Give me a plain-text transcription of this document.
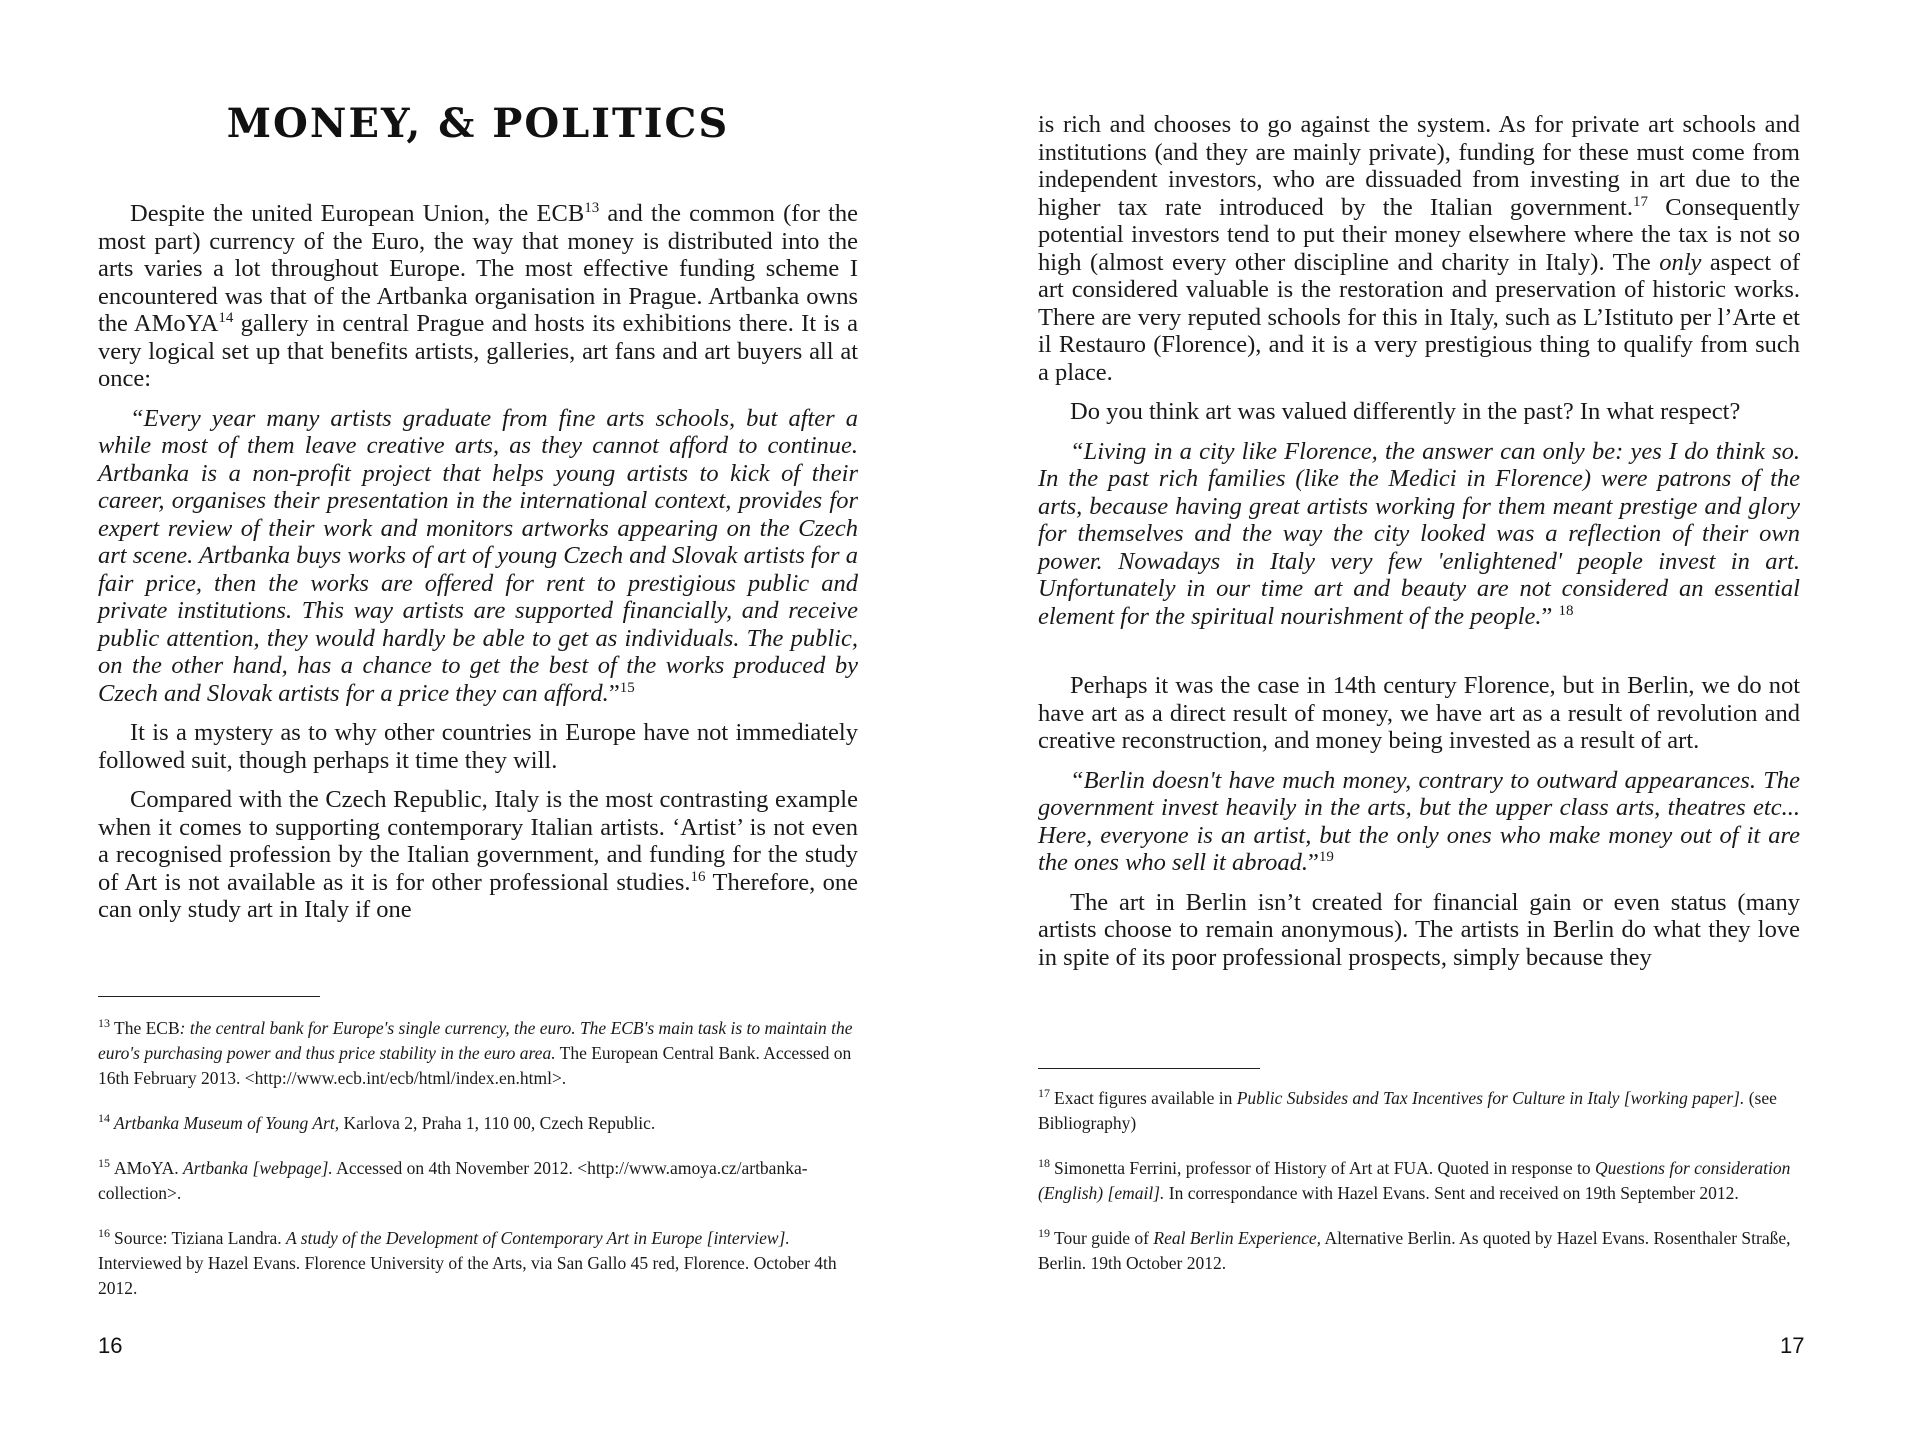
MONEY, & POLITICS

Despite the united European Union, the ECB$^{13}$ and the common (for the most part) currency of the Euro, the way that money is distributed into the arts varies a lot throughout Europe. The most effective funding scheme I encountered was that of the Artbanka organisation in Prague. Artbanka owns the AMoYA$^{14}$ gallery in central Prague and hosts its exhibitions there. It is a very logical set up that benefits artists, galleries, art fans and art buyers all at once:

“Every year many artists graduate from fine arts schools, but after a while most of them leave creative arts, as they cannot afford to continue. Artbanka is a non-profit project that helps young artists to kick of their career, organises their presentation in the international context, provides for expert review of their work and monitors artworks appearing on the Czech art scene. Artbanka buys works of art of young Czech and Slovak artists for a fair price, then the works are offered for rent to prestigious public and private institutions. This way artists are supported financially, and receive public attention, they would hardly be able to get as individuals. The public, on the other hand, has a chance to get the best of the works produced by Czech and Slovak artists for a price they can afford.”$^{15}$

It is a mystery as to why other countries in Europe have not immediately followed suit, though perhaps it time they will.

Compared with the Czech Republic, Italy is the most contrasting example when it comes to supporting contemporary Italian artists. ‘Artist’ is not even a recognised profession by the Italian government, and funding for the study of Art is not available as it is for other professional studies.$^{16}$ Therefore, one can only study art in Italy if one

$^{13}$ The ECB: the central bank for Europe's single currency, the euro. The ECB's main task is to maintain the euro's purchasing power and thus price stability in the euro area. The European Central Bank. Accessed on 16th February 2013. <http://www.ecb.int/ecb/html/index.en.html>.

$^{14}$ Artbanka Museum of Young Art, Karlova 2, Praha 1, 110 00, Czech Republic.

$^{15}$ AMoYA. Artbanka [webpage]. Accessed on 4th November 2012. <http://www.amoya.cz/artbanka-collection>.

$^{16}$ Source: Tiziana Landra. A study of the Development of Contemporary Art in Europe [interview]. Interviewed by Hazel Evans. Florence University of the Arts, via San Gallo 45 red, Florence. October 4th 2012.

16

is rich and chooses to go against the system. As for private art schools and institutions (and they are mainly private), funding for these must come from independent investors, who are dissuaded from investing in art due to the higher tax rate introduced by the Italian government.$^{17}$ Consequently potential investors tend to put their money elsewhere where the tax is not so high (almost every other discipline and charity in Italy). The only aspect of art considered valuable is the restoration and preservation of historic works. There are very reputed schools for this in Italy, such as L’Istituto per l’Arte et il Restauro (Florence), and it is a very prestigious thing to qualify from such a place.

Do you think art was valued differently in the past? In what respect?

“Living in a city like Florence, the answer can only be: yes I do think so. In the past rich families (like the Medici in Florence) were patrons of the arts, because having great artists working for them meant prestige and glory for themselves and the way the city looked was a reflection of their own power. Nowadays in Italy very few 'enlightened' people invest in art. Unfortunately in our time art and beauty are not considered an essential element for the spiritual nourishment of the people.” $^{18}$

Perhaps it was the case in 14th century Florence, but in Berlin, we do not have art as a direct result of money, we have art as a result of revolution and creative reconstruction, and money being invested as a result of art.

“Berlin doesn't have much money, contrary to outward appearances. The government invest heavily in the arts, but the upper class arts, theatres etc... Here, everyone is an artist, but the only ones who make money out of it are the ones who sell it abroad.”$^{19}$

The art in Berlin isn’t created for financial gain or even status (many artists choose to remain anonymous). The artists in Berlin do what they love in spite of its poor professional prospects, simply because they

$^{17}$ Exact figures available in Public Subsides and Tax Incentives for Culture in Italy [working paper]. (see Bibliography)

$^{18}$ Simonetta Ferrini, professor of History of Art at FUA. Quoted in response to Questions for consideration (English) [email]. In correspondance with Hazel Evans. Sent and received on 19th September 2012.

$^{19}$ Tour guide of Real Berlin Experience, Alternative Berlin. As quoted by Hazel Evans. Rosenthaler Straße, Berlin. 19th October 2012.

17
